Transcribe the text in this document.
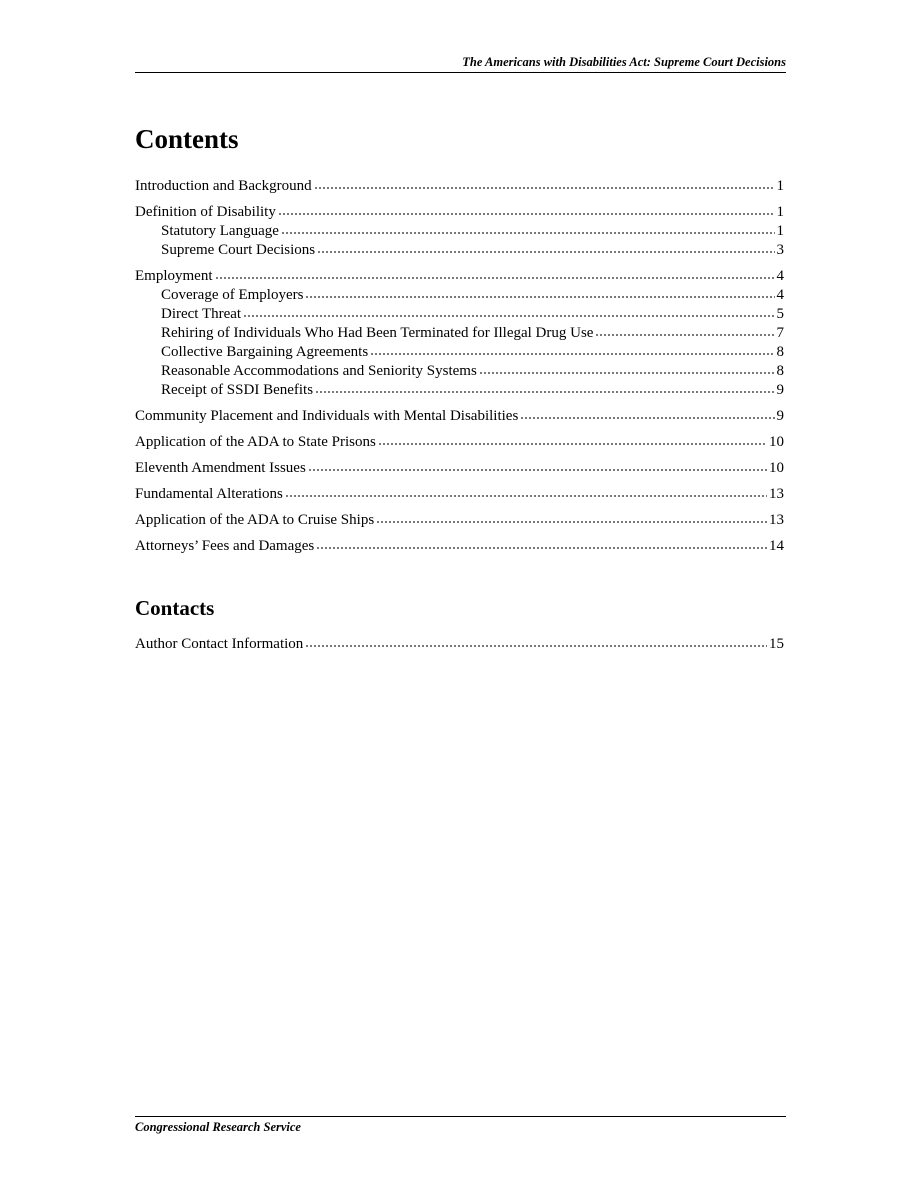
The Americans with Disabilities Act: Supreme Court Decisions
Contents
Introduction and Background	1
Definition of Disability	1
Statutory Language	1
Supreme Court Decisions	3
Employment	4
Coverage of Employers	4
Direct Threat	5
Rehiring of Individuals Who Had Been Terminated for Illegal Drug Use	7
Collective Bargaining Agreements	8
Reasonable Accommodations and Seniority Systems	8
Receipt of SSDI Benefits	9
Community Placement and Individuals with Mental Disabilities	9
Application of the ADA to State Prisons	10
Eleventh Amendment Issues	10
Fundamental Alterations	13
Application of the ADA to Cruise Ships	13
Attorneys’ Fees and Damages	14
Contacts
Author Contact Information	15
Congressional Research Service
